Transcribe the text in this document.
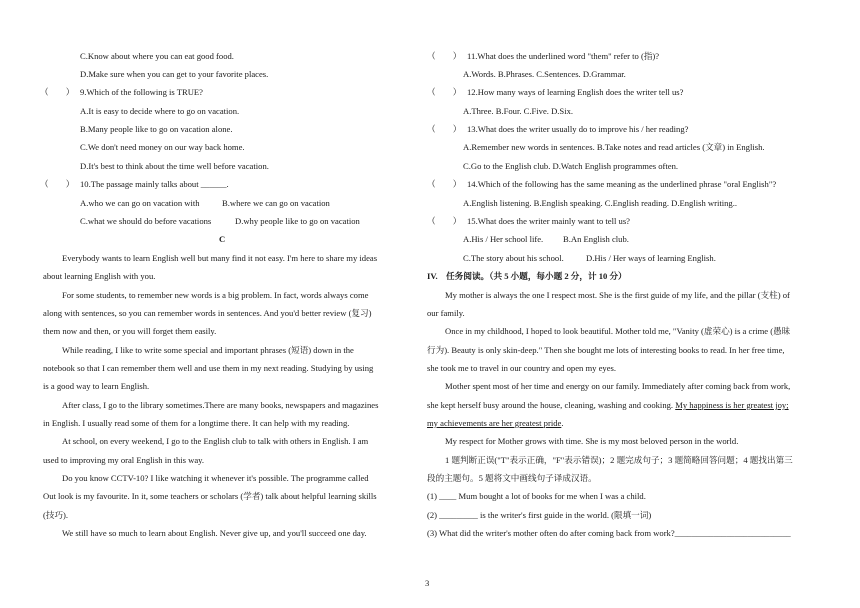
C.Know about where you can eat good food.
D.Make sure when you can get to your favorite places.
（　　） 9.Which of the following is TRUE?
A.It is easy to decide where to go on vacation.
B.Many people like to go on vacation alone.
C.We don't need money on our way back home.
D.It's best to think about the time well before vacation.
（　　） 10.The passage mainly talks about ______.
A.who we can go on vacation with	B.where we can go on vacation
C.what we should do before vacations	D.why people like to go on vacation
C
Everybody wants to learn English well but many find it not easy. I'm here to share my ideas
about learning English with you.
For some students, to remember new words is a big problem. In fact, words always come
along with sentences, so you can remember words in sentences. And you'd better review (复习)
them now and then, or you will forget them easily.
While reading, I like to write some special and important phrases (短语) down in the
notebook so that I can remember them well and use them in my next reading. Studying by using
is a good way to learn English.
After class, I go to the library sometimes.There are many books, newspapers and magazines
in English. I usually read some of them for a longtime there. It can help with my reading.
At school, on every weekend, I go to the English club to talk with others in English. I am
used to improving my oral English in this way.
Do you know CCTV-10? I like watching it whenever it's possible. The programme called
Out look is my favourite. In it, some teachers or scholars (学者) talk about helpful learning skills
(技巧).
We still have so much to learn about English. Never give up, and you'll succeed one day.
（　　） 11.What does the underlined word "them" refer to (指)?
A.Words. B.Phrases. C.Sentences. D.Grammar.
（　　） 12.How many ways of learning English does the writer tell us?
A.Three. B.Four. C.Five. D.Six.
（　　） 13.What does the writer usually do to improve his / her reading?
A.Remember new words in sentences. B.Take notes and read articles (文章) in English.
C.Go to the English club. D.Watch English programmes often.
（　　） 14.Which of the following has the same meaning as the underlined phrase "oral English"?
A.English listening. B.English speaking. C.English reading. D.English writing..
（　　） 15.What does the writer mainly want to tell us?
A.His / Her school life. B.An English club.
C.The story about his school.	D.His / Her ways of learning English.
IV.　任务阅读。（共 5 小题，每小题 2 分，计 10 分）
My mother is always the one I respect most. She is the first guide of my life, and the pillar (支柱) of
our family.
Once in my childhood, I hoped to look beautiful. Mother told me, "Vanity (虚荣心) is a crime (愚昧
行为). Beauty is only skin-deep." Then she bought me lots of interesting books to read. In her free time,
she took me to travel in our country and open my eyes.
Mother spent most of her time and energy on our family. Immediately after coming back from work,
she kept herself busy around the house, cleaning, washing and cooking. My happiness is her greatest joy;
my achievements are her greatest pride.
My respect for Mother grows with time. She is my most beloved person in the world.
1 题判断正误("T"表示正确，"F"表示错误)；2 题完成句子；3 题简略回答问题；4 题找出第三
段的主题句。5 题将文中画线句子译成汉语。
(1) ____ Mum bought a lot of books for me when I was a child.
(2) _________ is the writer's first guide in the world. (限填一词)
(3) What did the writer's mother often do after coming back from work?___________________________
3
